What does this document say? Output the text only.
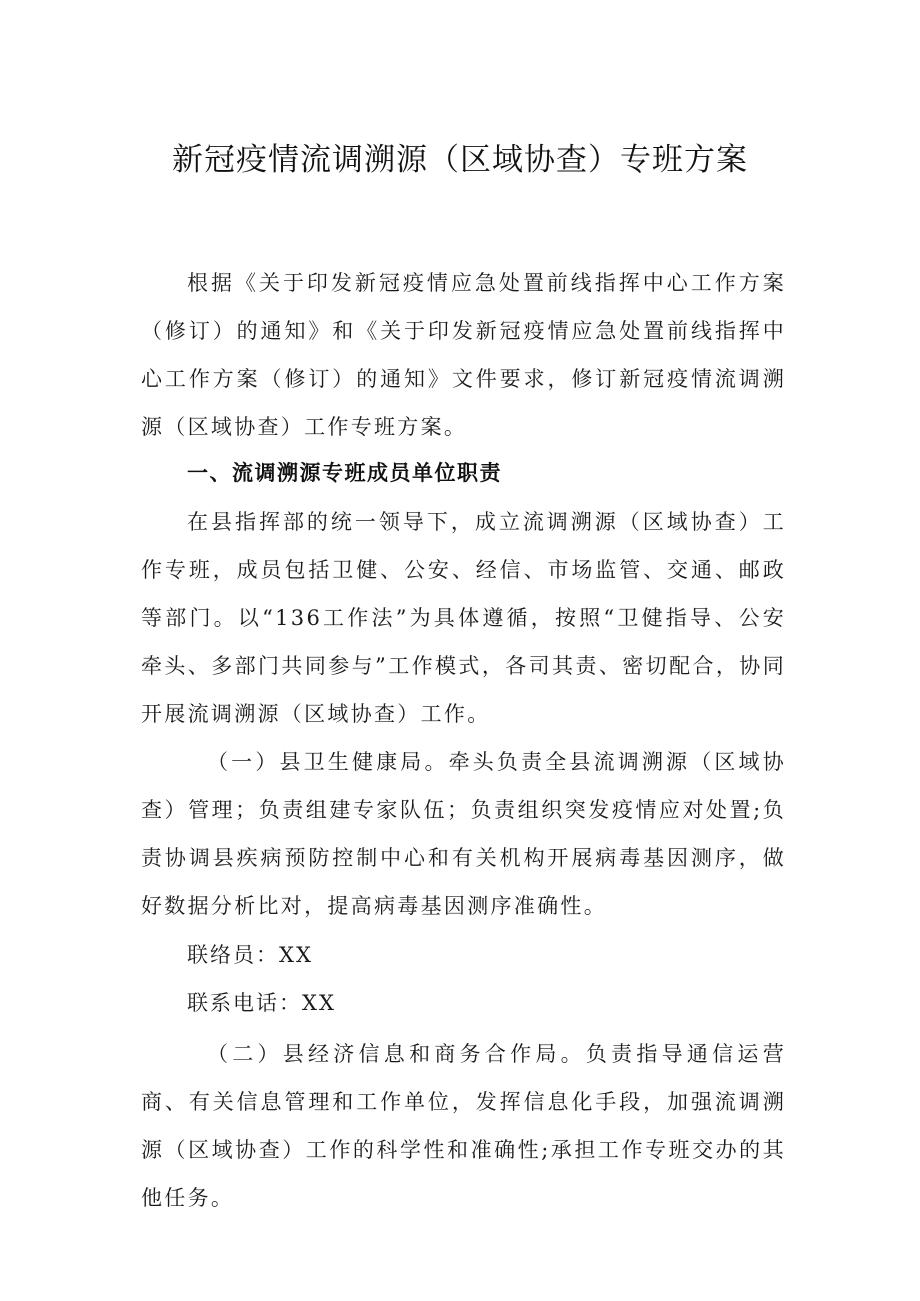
新冠疫情流调溯源（区域协查）专班方案

根据《关于印发新冠疫情应急处置前线指挥中心工作方案（修订）的通知》和《关于印发新冠疫情应急处置前线指挥中心工作方案（修订）的通知》文件要求，修订新冠疫情流调溯源（区域协查）工作专班方案。

一、流调溯源专班成员单位职责

在县指挥部的统一领导下，成立流调溯源（区域协查）工作专班，成员包括卫健、公安、经信、市场监管、交通、邮政等部门。以“136工作法”为具体遵循，按照“卫健指导、公安牵头、多部门共同参与”工作模式，各司其责、密切配合，协同开展流调溯源（区域协查）工作。

（一）县卫生健康局。牵头负责全县流调溯源（区域协查）管理；负责组建专家队伍；负责组织突发疫情应对处置;负责协调县疾病预防控制中心和有关机构开展病毒基因测序，做好数据分析比对，提高病毒基因测序准确性。

联络员：XX

联系电话：XX

（二）县经济信息和商务合作局。负责指导通信运营商、有关信息管理和工作单位，发挥信息化手段，加强流调溯源（区域协查）工作的科学性和准确性;承担工作专班交办的其他任务。
